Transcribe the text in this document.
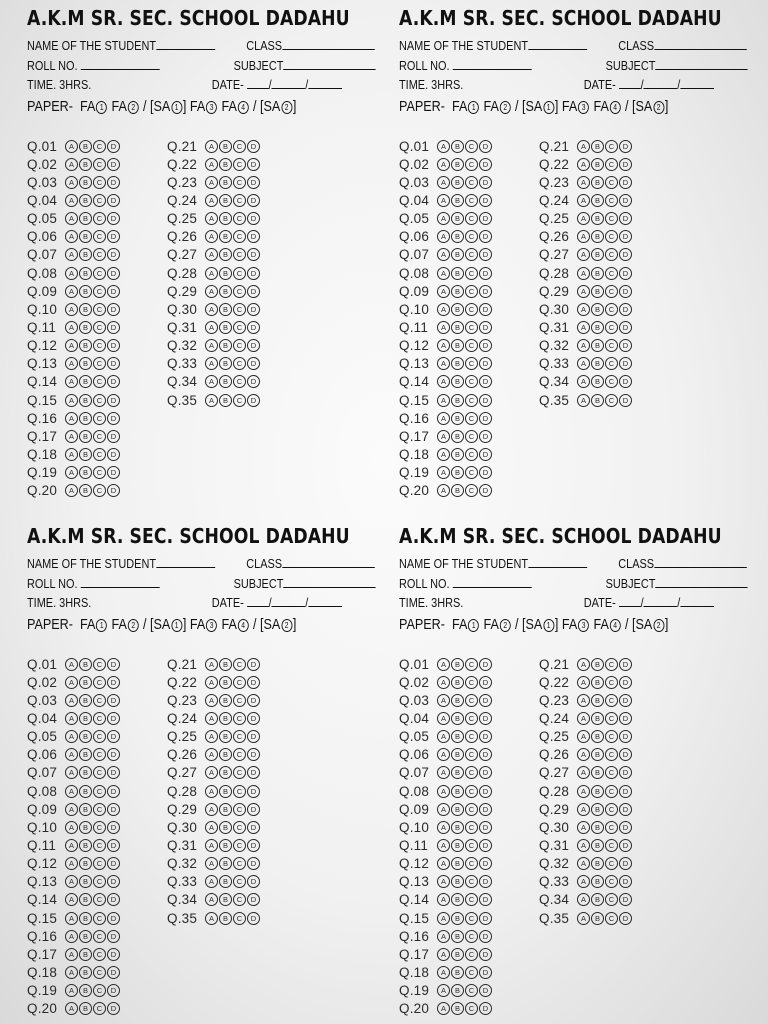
A.K.M SR. SEC. SCHOOL DADAHU
NAME OF THE STUDENT	CLASS
ROLL NO.	SUBJECT
TIME. 3HRS.	DATE- /	/
PAPER- FA 1 FA 2 / [SA 1 ] FA 3 FA 4 / [SA 2 ]
Q.01	A	B	C	D
Q.02	A	B	C	D
Q.03	A	B	C	D
Q.04	A	B	C	D
Q.05	A	B	C	D
Q.06	A	B	C	D
Q.07	A	B	C	D
Q.08	A	B	C	D
Q.09	A	B	C	D
Q.10	A	B	C	D
Q.11	A	B	C	D
Q.12	A	B	C	D
Q.13	A	B	C	D
Q.14	A	B	C	D
Q.15	A	B	C	D
Q.16	A	B	C	D
Q.17	A	B	C	D
Q.18	A	B	C	D
Q.19	A	B	C	D
Q.20	A	B	C	D
Q.21	A	B	C	D
Q.22	A	B	C	D
Q.23	A	B	C	D
Q.24	A	B	C	D
Q.25	A	B	C	D
Q.26	A	B	C	D
Q.27	A	B	C	D
Q.28	A	B	C	D
Q.29	A	B	C	D
Q.30	A	B	C	D
Q.31	A	B	C	D
Q.32	A	B	C	D
Q.33	A	B	C	D
Q.34	A	B	C	D
Q.35	A	B	C	D
A.K.M SR. SEC. SCHOOL DADAHU
NAME OF THE STUDENT	CLASS
ROLL NO.	SUBJECT
TIME. 3HRS.	DATE- /	/
PAPER- FA 1 FA 2 / [SA 1 ] FA 3 FA 4 / [SA 2 ]
Q.01	A	B	C	D
Q.02	A	B	C	D
Q.03	A	B	C	D
Q.04	A	B	C	D
Q.05	A	B	C	D
Q.06	A	B	C	D
Q.07	A	B	C	D
Q.08	A	B	C	D
Q.09	A	B	C	D
Q.10	A	B	C	D
Q.11	A	B	C	D
Q.12	A	B	C	D
Q.13	A	B	C	D
Q.14	A	B	C	D
Q.15	A	B	C	D
Q.16	A	B	C	D
Q.17	A	B	C	D
Q.18	A	B	C	D
Q.19	A	B	C	D
Q.20	A	B	C	D
Q.21	A	B	C	D
Q.22	A	B	C	D
Q.23	A	B	C	D
Q.24	A	B	C	D
Q.25	A	B	C	D
Q.26	A	B	C	D
Q.27	A	B	C	D
Q.28	A	B	C	D
Q.29	A	B	C	D
Q.30	A	B	C	D
Q.31	A	B	C	D
Q.32	A	B	C	D
Q.33	A	B	C	D
Q.34	A	B	C	D
Q.35	A	B	C	D
A.K.M SR. SEC. SCHOOL DADAHU
NAME OF THE STUDENT	CLASS
ROLL NO.	SUBJECT
TIME. 3HRS.	DATE- /	/
PAPER- FA 1 FA 2 / [SA 1 ] FA 3 FA 4 / [SA 2 ]
Q.01	A	B	C	D
Q.02	A	B	C	D
Q.03	A	B	C	D
Q.04	A	B	C	D
Q.05	A	B	C	D
Q.06	A	B	C	D
Q.07	A	B	C	D
Q.08	A	B	C	D
Q.09	A	B	C	D
Q.10	A	B	C	D
Q.11	A	B	C	D
Q.12	A	B	C	D
Q.13	A	B	C	D
Q.14	A	B	C	D
Q.15	A	B	C	D
Q.16	A	B	C	D
Q.17	A	B	C	D
Q.18	A	B	C	D
Q.19	A	B	C	D
Q.20	A	B	C	D
Q.21	A	B	C	D
Q.22	A	B	C	D
Q.23	A	B	C	D
Q.24	A	B	C	D
Q.25	A	B	C	D
Q.26	A	B	C	D
Q.27	A	B	C	D
Q.28	A	B	C	D
Q.29	A	B	C	D
Q.30	A	B	C	D
Q.31	A	B	C	D
Q.32	A	B	C	D
Q.33	A	B	C	D
Q.34	A	B	C	D
Q.35	A	B	C	D
A.K.M SR. SEC. SCHOOL DADAHU
NAME OF THE STUDENT	CLASS
ROLL NO.	SUBJECT
TIME. 3HRS.	DATE- /	/
PAPER- FA 1 FA 2 / [SA 1 ] FA 3 FA 4 / [SA 2 ]
Q.01	A	B	C	D
Q.02	A	B	C	D
Q.03	A	B	C	D
Q.04	A	B	C	D
Q.05	A	B	C	D
Q.06	A	B	C	D
Q.07	A	B	C	D
Q.08	A	B	C	D
Q.09	A	B	C	D
Q.10	A	B	C	D
Q.11	A	B	C	D
Q.12	A	B	C	D
Q.13	A	B	C	D
Q.14	A	B	C	D
Q.15	A	B	C	D
Q.16	A	B	C	D
Q.17	A	B	C	D
Q.18	A	B	C	D
Q.19	A	B	C	D
Q.20	A	B	C	D
Q.21	A	B	C	D
Q.22	A	B	C	D
Q.23	A	B	C	D
Q.24	A	B	C	D
Q.25	A	B	C	D
Q.26	A	B	C	D
Q.27	A	B	C	D
Q.28	A	B	C	D
Q.29	A	B	C	D
Q.30	A	B	C	D
Q.31	A	B	C	D
Q.32	A	B	C	D
Q.33	A	B	C	D
Q.34	A	B	C	D
Q.35	A	B	C	D
